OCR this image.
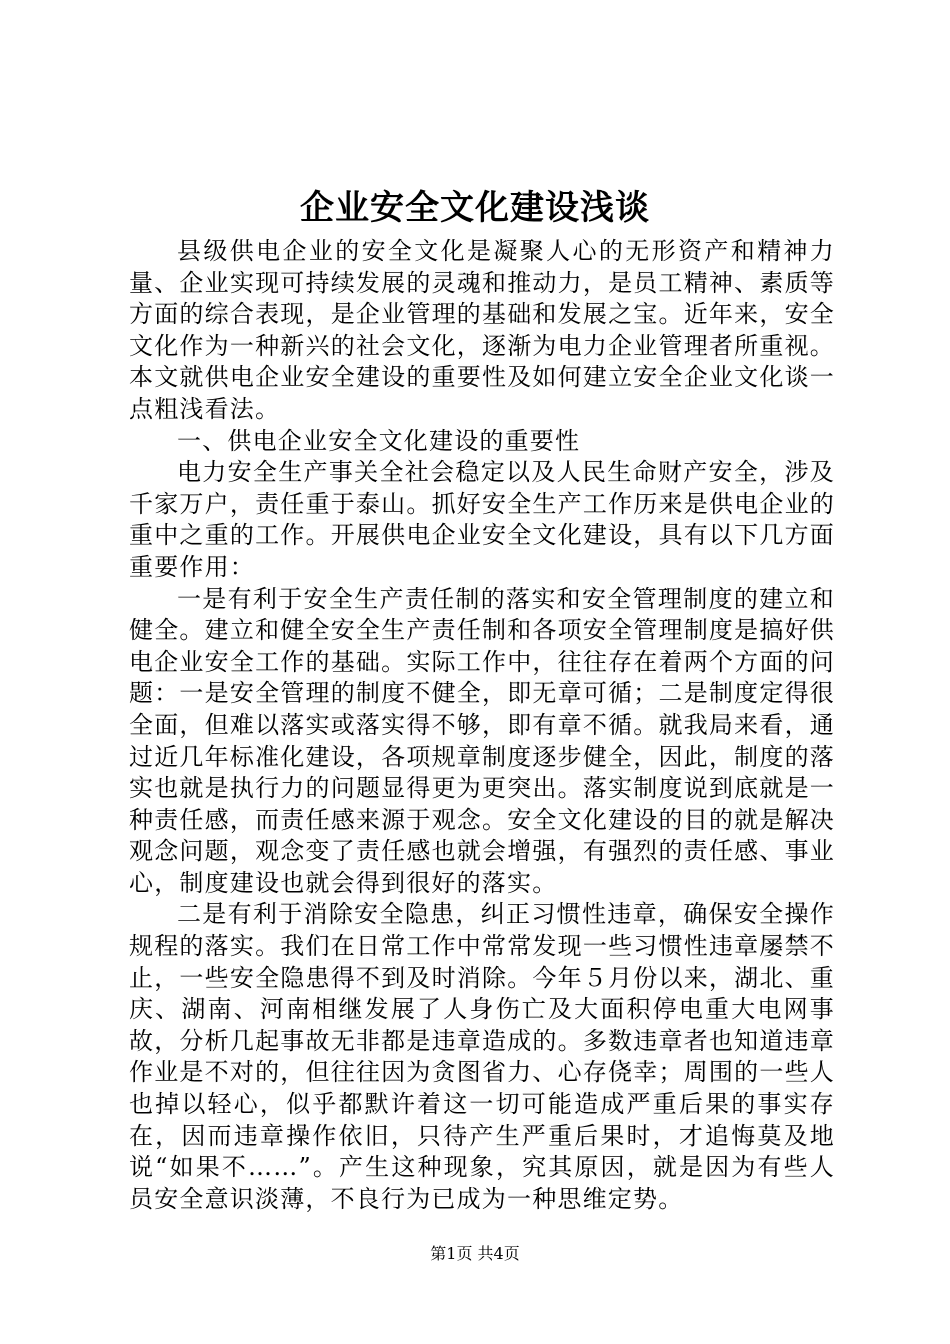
企业安全文化建设浅谈

县级供电企业的安全文化是凝聚人心的无形资产和精神力量、企业实现可持续发展的灵魂和推动力，是员工精神、素质等方面的综合表现，是企业管理的基础和发展之宝。近年来，安全文化作为一种新兴的社会文化，逐渐为电力企业管理者所重视。本文就供电企业安全建设的重要性及如何建立安全企业文化谈一点粗浅看法。

一、供电企业安全文化建设的重要性

电力安全生产事关全社会稳定以及人民生命财产安全，涉及千家万户，责任重于泰山。抓好安全生产工作历来是供电企业的重中之重的工作。开展供电企业安全文化建设，具有以下几方面重要作用：

一是有利于安全生产责任制的落实和安全管理制度的建立和健全。建立和健全安全生产责任制和各项安全管理制度是搞好供电企业安全工作的基础。实际工作中，往往存在着两个方面的问题：一是安全管理的制度不健全，即无章可循；二是制度定得很全面，但难以落实或落实得不够，即有章不循。就我局来看，通过近几年标准化建设，各项规章制度逐步健全，因此，制度的落实也就是执行力的问题显得更为更突出。落实制度说到底就是一种责任感，而责任感来源于观念。安全文化建设的目的就是解决观念问题，观念变了责任感也就会增强，有强烈的责任感、事业心，制度建设也就会得到很好的落实。

二是有利于消除安全隐患，纠正习惯性违章，确保安全操作规程的落实。我们在日常工作中常常发现一些习惯性违章屡禁不止，一些安全隐患得不到及时消除。今年５月份以来，湖北、重庆、湖南、河南相继发展了人身伤亡及大面积停电重大电网事故，分析几起事故无非都是违章造成的。多数违章者也知道违章作业是不对的，但往往因为贪图省力、心存侥幸；周围的一些人也掉以轻心，似乎都默许着这一切可能造成严重后果的事实存在，因而违章操作依旧，只待产生严重后果时，才追悔莫及地说“如果不……”。产生这种现象，究其原因，就是因为有些人员安全意识淡薄，不良行为已成为一种思维定势。

第1页 共4页
